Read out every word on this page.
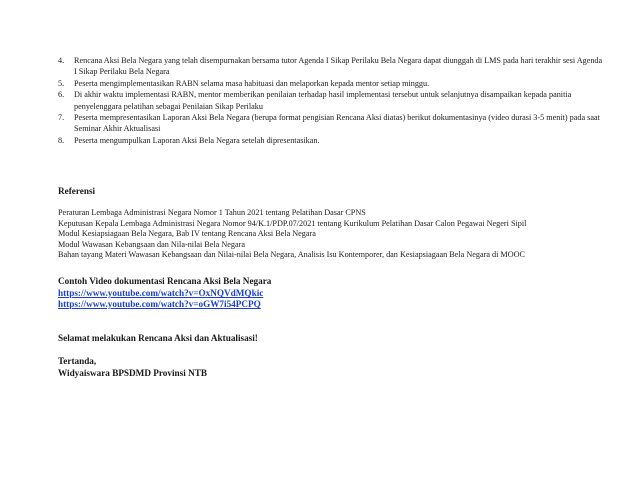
4. Rencana Aksi Bela Negara yang telah disempurnakan bersama tutor Agenda I Sikap Perilaku Bela Negara dapat diunggah di LMS pada hari terakhir sesi Agenda I Sikap Perilaku Bela Negara
5. Peserta mengimplementasikan RABN selama masa habituasi dan melaporkan kepada mentor setiap minggu.
6. Di akhir waktu implementasi RABN, mentor memberikan penilaian terhadap hasil implementasi tersebut untuk selanjutnya disampaikan kepada panitia penyelenggara pelatihan sebagai Penilaian Sikap Perilaku
7. Peserta mempresentasikan Laporan Aksi Bela Negara (berupa format pengisian Rencana Aksi diatas) berikut dokumentasinya (video durasi 3-5 menit) pada saat Seminar Akhir Aktualisasi
8. Peserta mengumpulkan Laporan Aksi Bela Negara setelah dipresentasikan.
Referensi
Peraturan Lembaga Administrasi Negara Nomor 1 Tahun 2021 tentang Pelatihan Dasar CPNS
Keputusan Kepala Lembaga Administrasi Negara Nomor 94/K.1/PDP.07/2021 tentang Kurikulum Pelatihan Dasar Calon Pegawai Negeri Sipil
Modul Kesiapsiagaan Bela Negara, Bab IV tentang Rencana Aksi Bela Negara
Modul Wawasan Kebangsaan dan Nila-nilai Bela Negara
Bahan tayang Materi Wawasan Kebangsaan dan Nilai-nilai Bela Negara, Analisis Isu Kontemporer, dan Kesiapsiagaan Bela Negara di MOOC
Contoh Video dokumentasi Rencana Aksi Bela Negara
https://www.youtube.com/watch?v=OxNQVdMQkic
https://www.youtube.com/watch?v=oGW7i54PCPQ
Selamat melakukan Rencana Aksi dan Aktualisasi!
Tertanda,
Widyaiswara BPSDMD Provinsi NTB
